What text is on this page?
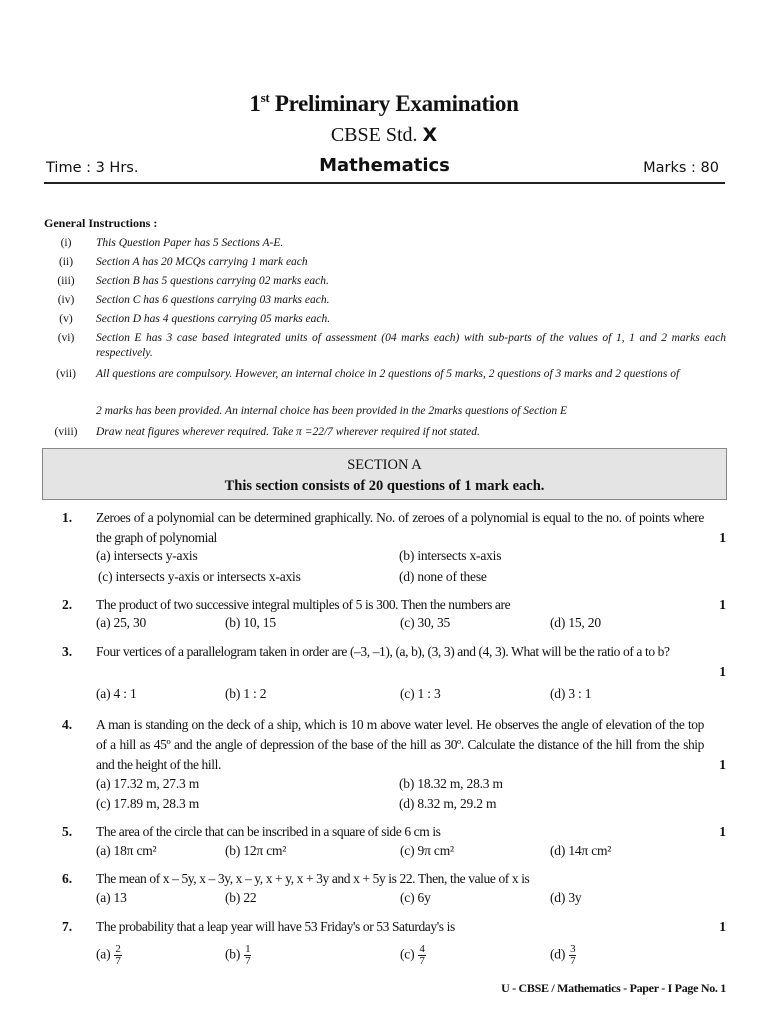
1st Preliminary Examination
CBSE Std. X
Time : 3 Hrs.	Mathematics	Marks : 80
General Instructions :
(i)	This Question Paper has 5 Sections A-E.
(ii)	Section A has 20 MCQs carrying 1 mark each
(iii)	Section B has 5 questions carrying 02 marks each.
(iv)	Section C has 6 questions carrying 03 marks each.
(v)	Section D has 4 questions carrying 05 marks each.
(vi)	Section E has 3 case based integrated units of assessment (04 marks each) with sub-parts of the values of 1, 1 and 2 marks each respectively.
(vii)	All questions are compulsory. However, an internal choice in 2 questions of 5 marks, 2 questions of 3 marks and 2 questions of
2 marks has been provided. An internal choice has been provided in the 2marks questions of Section E
(viii)	Draw neat figures wherever required. Take π =22/7 wherever required if not stated.
SECTION A
This section consists of 20 questions of 1 mark each.
1. Zeroes of a polynomial can be determined graphically. No. of zeroes of a polynomial is equal to the no. of points where the graph of polynomial	1
(a) intersects y-axis	(b) intersects x-axis
(c) intersects y-axis or intersects x-axis	(d) none of these
2. The product of two successive integral multiples of 5 is 300. Then the numbers are	1
(a) 25, 30	(b) 10, 15	(c) 30, 35	(d) 15, 20
3. Four vertices of a parallelogram taken in order are (–3, –1), (a, b), (3, 3) and (4, 3). What will be the ratio of a to b?
1
(a) 4 : 1	(b) 1 : 2	(c) 1 : 3	(d) 3 : 1
4. A man is standing on the deck of a ship, which is 10 m above water level. He observes the angle of elevation of the top of a hill as 45º and the angle of depression of the base of the hill as 30º. Calculate the distance of the hill from the ship and the height of the hill.	1
(a) 17.32 m, 27.3 m	(b) 18.32 m, 28.3 m
(c) 17.89 m, 28.3 m	(d) 8.32 m, 29.2 m
5. The area of the circle that can be inscribed in a square of side 6 cm is	1
(a) 18π cm²	(b) 12π cm²	(c) 9π cm²	(d) 14π cm²
6. The mean of x – 5y, x – 3y, x – y, x + y, x + 3y and x + 5y is 22. Then, the value of x is
(a) 13	(b) 22	(c) 6y	(d) 3y
7. The probability that a leap year will have 53 Friday's or 53 Saturday's is	1
$(a) \frac{2}{7}$	$(b) \frac{1}{7}$	$(c) \frac{4}{7}$	$(d) \frac{3}{7}$
U - CBSE / Mathematics - Paper - I Page No. 1
